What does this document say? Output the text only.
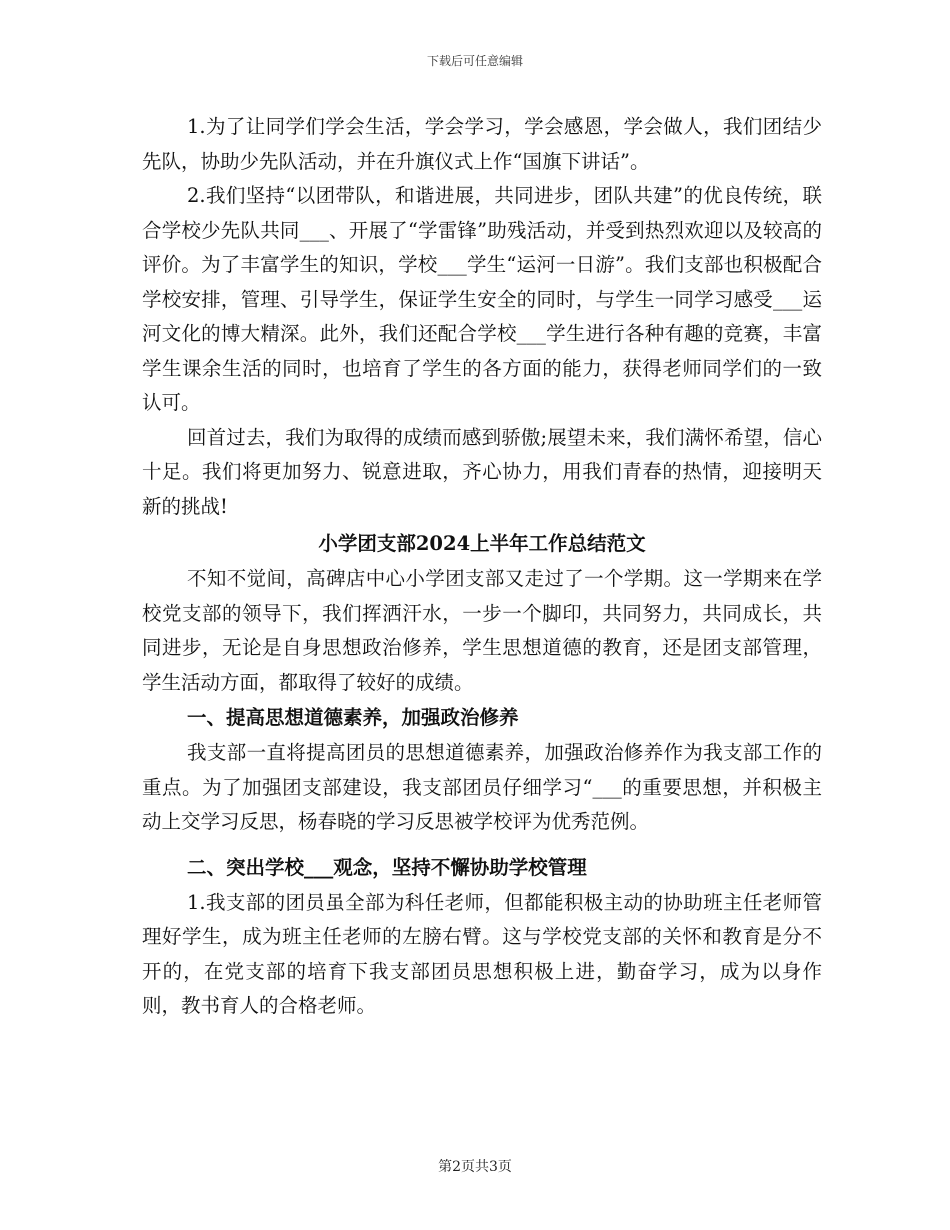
下载后可任意编辑

1.为了让同学们学会生活，学会学习，学会感恩，学会做人，我们团结少先队，协助少先队活动，并在升旗仪式上作“国旗下讲话”。

2.我们坚持“以团带队，和谐进展，共同进步，团队共建”的优良传统，联合学校少先队共同___、开展了“学雷锋”助残活动，并受到热烈欢迎以及较高的评价。为了丰富学生的知识，学校___学生“运河一日游”。我们支部也积极配合学校安排，管理、引导学生，保证学生安全的同时，与学生一同学习感受___运河文化的博大精深。此外，我们还配合学校___学生进行各种有趣的竞赛，丰富学生课余生活的同时，也培育了学生的各方面的能力，获得老师同学们的一致认可。

回首过去，我们为取得的成绩而感到骄傲;展望未来，我们满怀希望，信心十足。我们将更加努力、锐意进取，齐心协力，用我们青春的热情，迎接明天新的挑战!

小学团支部2024上半年工作总结范文

不知不觉间，高碑店中心小学团支部又走过了一个学期。这一学期来在学校党支部的领导下，我们挥洒汗水，一步一个脚印，共同努力，共同成长，共同进步，无论是自身思想政治修养，学生思想道德的教育，还是团支部管理，学生活动方面，都取得了较好的成绩。

一、提高思想道德素养，加强政治修养

我支部一直将提高团员的思想道德素养，加强政治修养作为我支部工作的重点。为了加强团支部建设，我支部团员仔细学习“___的重要思想，并积极主动上交学习反思，杨春晓的学习反思被学校评为优秀范例。

二、突出学校___观念，坚持不懈协助学校管理

1.我支部的团员虽全部为科任老师，但都能积极主动的协助班主任老师管理好学生，成为班主任老师的左膀右臂。这与学校党支部的关怀和教育是分不开的，在党支部的培育下我支部团员思想积极上进，勤奋学习，成为以身作则，教书育人的合格老师。

第2页共3页
